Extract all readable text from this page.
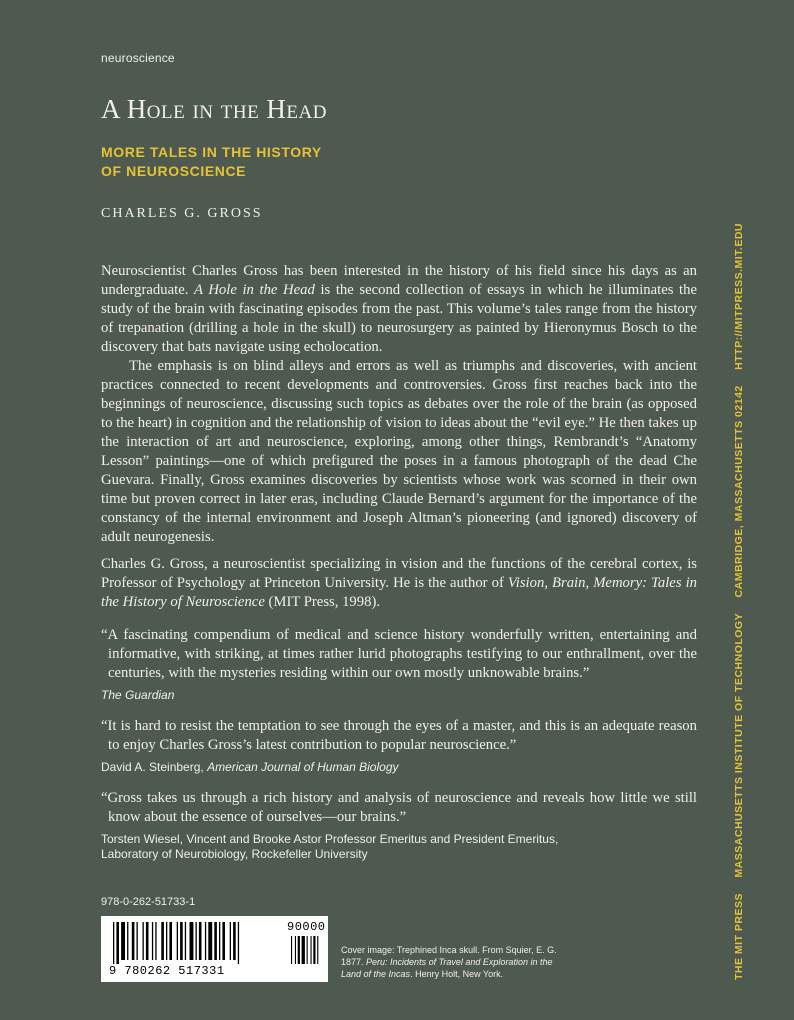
neuroscience
A Hole in the Head
MORE TALES IN THE HISTORY
OF NEUROSCIENCE
CHARLES G. GROSS

Neuroscientist Charles Gross has been interested in the history of his field since his days as an undergraduate. A Hole in the Head is the second collection of essays in which he illuminates the study of the brain with fascinating episodes from the past. This volume’s tales range from the history of trepanation (drilling a hole in the skull) to neurosurgery as painted by Hieronymus Bosch to the discovery that bats navigate using echolocation.

The emphasis is on blind alleys and errors as well as triumphs and discoveries, with ancient practices connected to recent developments and controversies. Gross first reaches back into the beginnings of neuroscience, discussing such topics as debates over the role of the brain (as opposed to the heart) in cognition and the relationship of vision to ideas about the “evil eye.” He then takes up the interaction of art and neuroscience, exploring, among other things, Rembrandt’s “Anatomy Lesson” paintings—one of which prefigured the poses in a famous photograph of the dead Che Guevara. Finally, Gross examines discoveries by scientists whose work was scorned in their own time but proven correct in later eras, including Claude Bernard’s argument for the importance of the constancy of the internal environment and Joseph Altman’s pioneering (and ignored) discovery of adult neurogenesis.

Charles G. Gross, a neuroscientist specializing in vision and the functions of the cerebral cortex, is Professor of Psychology at Princeton University. He is the author of Vision, Brain, Memory: Tales in the History of Neuroscience (MIT Press, 1998).

“A fascinating compendium of medical and science history wonderfully written, entertaining and informative, with striking, at times rather lurid photographs testifying to our enthrallment, over the centuries, with the mysteries residing within our own mostly unknowable brains.”
The Guardian
“It is hard to resist the temptation to see through the eyes of a master, and this is an adequate reason to enjoy Charles Gross’s latest contribution to popular neuroscience.”
David A. Steinberg, American Journal of Human Biology
“Gross takes us through a rich history and analysis of neuroscience and reveals how little we still know about the essence of ourselves—our brains.”
Torsten Wiesel, Vincent and Brooke Astor Professor Emeritus and President Emeritus,
Laboratory of Neurobiology, Rockefeller University
978-0-262-51733-1
9 780262 517331
90000
Cover image: Trephined Inca skull. From Squier, E. G. 1877. Peru: Incidents of Travel and Exploration in the Land of the Incas. Henry Holt, New York.	THE MIT PRESS MASSACHUSETTS INSTITUTE OF TECHNOLOGY CAMBRIDGE, MASSACHUSETTS 02142 HTTP://MITPRESS.MIT.EDU
